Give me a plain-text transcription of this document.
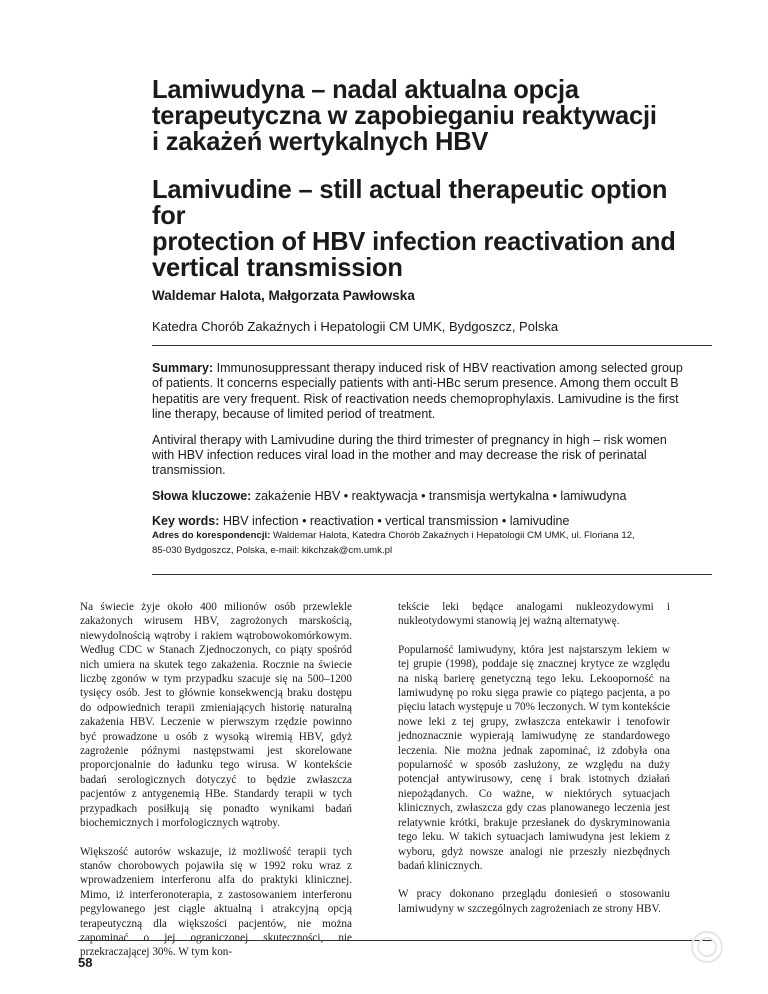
Lamiwudyna – nadal aktualna opcja
terapeutyczna w zapobieganiu reaktywacji
i zakażeń wertykalnych HBV
Lamivudine – still actual therapeutic option for
protection of HBV infection reactivation and
vertical transmission
Waldemar Halota, Małgorzata Pawłowska
Katedra Chorób Zakaźnych i Hepatologii CM UMK, Bydgoszcz, Polska

Summary: Immunosuppressant therapy induced risk of HBV reactivation among selected group of patients. It concerns especially patients with anti-HBc serum presence. Among them occult B hepatitis are very frequent. Risk of reactivation needs chemoprophylaxis. Lamivudine is the first line therapy, because of limited period of treatment.

Antiviral therapy with Lamivudine during the third trimester of pregnancy in high – risk women with HBV infection reduces viral load in the mother and may decrease the risk of perinatal transmission.

Słowa kluczowe: zakażenie HBV • reaktywacja • transmisja wertykalna • lamiwudyna

Key words: HBV infection • reactivation • vertical transmission • lamivudine

Adres do korespondencji: Waldemar Halota, Katedra Chorób Zakaźnych i Hepatologii CM UMK, ul. Floriana 12,
85-030 Bydgoszcz, Polska, e-mail: kikchzak@cm.umk.pl

Na świecie żyje około 400 milionów osób przewlekle zakażonych wirusem HBV, zagrożonych marskością, niewydolnością wątroby i rakiem wątrobowokomórkowym. Według CDC w Stanach Zjednoczonych, co piąty spośród nich umiera na skutek tego zakażenia. Rocznie na świecie liczbę zgonów w tym przypadku szacuje się na 500–1200 tysięcy osób. Jest to głównie konsekwencją braku dostępu do odpowiednich terapii zmieniających historię naturalną zakażenia HBV. Leczenie w pierwszym rzędzie powinno być prowadzone u osób z wysoką wiremią HBV, gdyż zagrożenie późnymi następstwami jest skorelowane proporcjonalnie do ładunku tego wirusa. W kontekście badań serologicznych dotyczyć to będzie zwłaszcza pacjentów z antygenemią HBe. Standardy terapii w tych przypadkach posiłkują się ponadto wynikami badań biochemicznych i morfologicznych wątroby.

Większość autorów wskazuje, iż możliwość terapii tych stanów chorobowych pojawiła się w 1992 roku wraz z wprowadzeniem interferonu alfa do praktyki klinicznej. Mimo, iż interferonoterapia, z zastosowaniem interferonu pegylowanego jest ciągle aktualną i atrakcyjną opcją terapeutyczną dla większości pacjentów, nie można zapominać o jej ograniczonej skuteczności, nie przekraczającej 30%. W tym kon-

tekście leki będące analogami nukleozydowymi i nukleotydowymi stanowią jej ważną alternatywę.

Popularność lamiwudyny, która jest najstarszym lekiem w tej grupie (1998), poddaje się znacznej krytyce ze względu na niską barierę genetyczną tego leku. Lekooporność na lamiwudynę po roku sięga prawie co piątego pacjenta, a po pięciu latach występuje u 70% leczonych. W tym kontekście nowe leki z tej grupy, zwłaszcza entekawir i tenofowir jednoznacznie wypierają lamiwudynę ze standardowego leczenia. Nie można jednak zapominać, iż zdobyła ona popularność w sposób zasłużony, ze względu na duży potencjał antywirusowy, cenę i brak istotnych działań niepożądanych. Co ważne, w niektórych sytuacjach klinicznych, zwłaszcza gdy czas planowanego leczenia jest relatywnie krótki, brakuje przesłanek do dyskryminowania tego leku. W takich sytuacjach lamiwudyna jest lekiem z wyboru, gdyż nowsze analogi nie przeszły niezbędnych badań klinicznych.

W pracy dokonano przeglądu doniesień o stosowaniu lamiwudyny w szczególnych zagrożeniach ze strony HBV.

58
